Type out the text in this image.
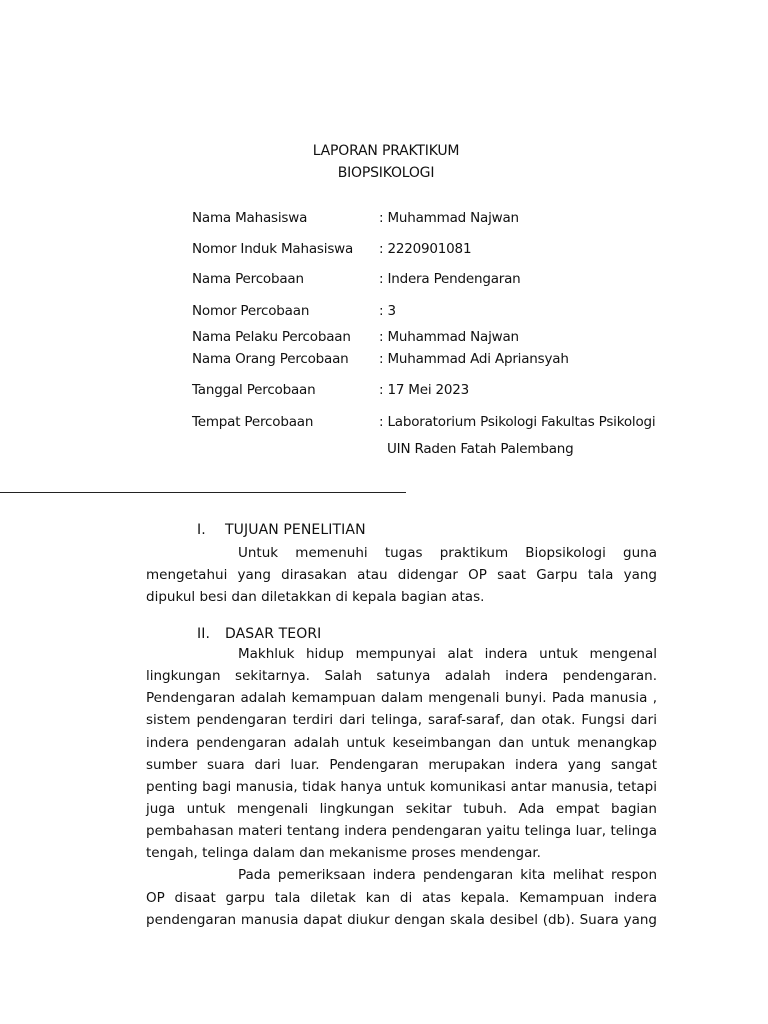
LAPORAN PRAKTIKUM
BIOPSIKOLOGI
Nama Mahasiswa	: Muhammad Najwan
Nomor Induk Mahasiswa : 2220901081
Nama Percobaan	: Indera Pendengaran
Nomor Percobaan	: 3
Nama Pelaku Percobaan : Muhammad Najwan
Nama Orang Percobaan : Muhammad Adi Apriansyah
Tanggal Percobaan	: 17 Mei 2023
Tempat Percobaan	: Laboratorium Psikologi Fakultas Psikologi
UIN Raden Fatah Palembang
I. TUJUAN PENELITIAN
Untuk memenuhi tugas praktikum Biopsikologi guna
mengetahui yang dirasakan atau didengar OP saat Garpu tala yang
dipukul besi dan diletakkan di kepala bagian atas.
II. DASAR TEORI
Makhluk hidup mempunyai alat indera untuk mengenal
lingkungan sekitarnya. Salah satunya adalah indera pendengaran.
Pendengaran adalah kemampuan dalam mengenali bunyi. Pada manusia ,
sistem pendengaran terdiri dari telinga, saraf-saraf, dan otak. Fungsi dari
indera pendengaran adalah untuk keseimbangan dan untuk menangkap
sumber suara dari luar. Pendengaran merupakan indera yang sangat
penting bagi manusia, tidak hanya untuk komunikasi antar manusia, tetapi
juga untuk mengenali lingkungan sekitar tubuh. Ada empat bagian
pembahasan materi tentang indera pendengaran yaitu telinga luar, telinga
tengah, telinga dalam dan mekanisme proses mendengar.
Pada pemeriksaan indera pendengaran kita melihat respon
OP disaat garpu tala diletak kan di atas kepala. Kemampuan indera
pendengaran manusia dapat diukur dengan skala desibel (db). Suara yang
